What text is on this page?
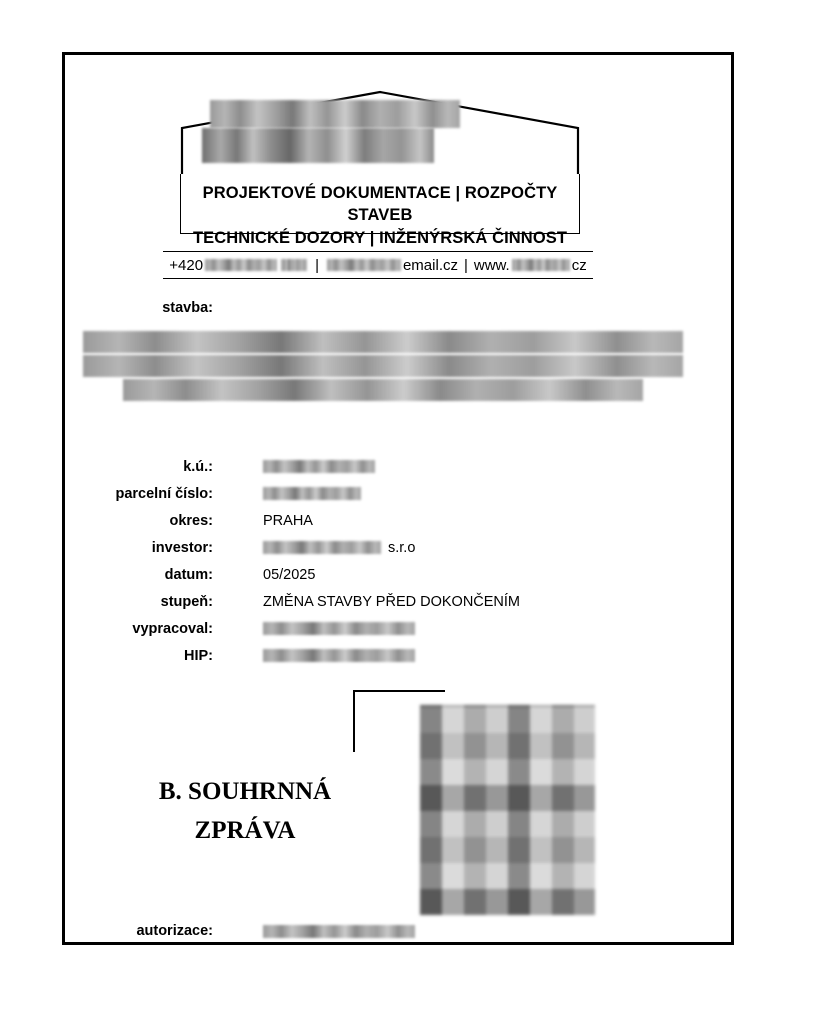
PROJEKTOVÉ DOKUMENTACE | ROZPOČTY STAVEB
TECHNICKÉ DOZORY | INŽENÝRSKÁ ČINNOST
+420	|	email.cz | www.	cz
stavba:

k.ú.:
parcelní číslo:
okres:	PRAHA
investor:	s.r.o
datum:	05/2025
stupeň:	ZMĚNA STAVBY PŘED DOKONČENÍM
vypracoval:
HIP:
B. SOUHRNNÁ
ZPRÁVA
autorizace:
